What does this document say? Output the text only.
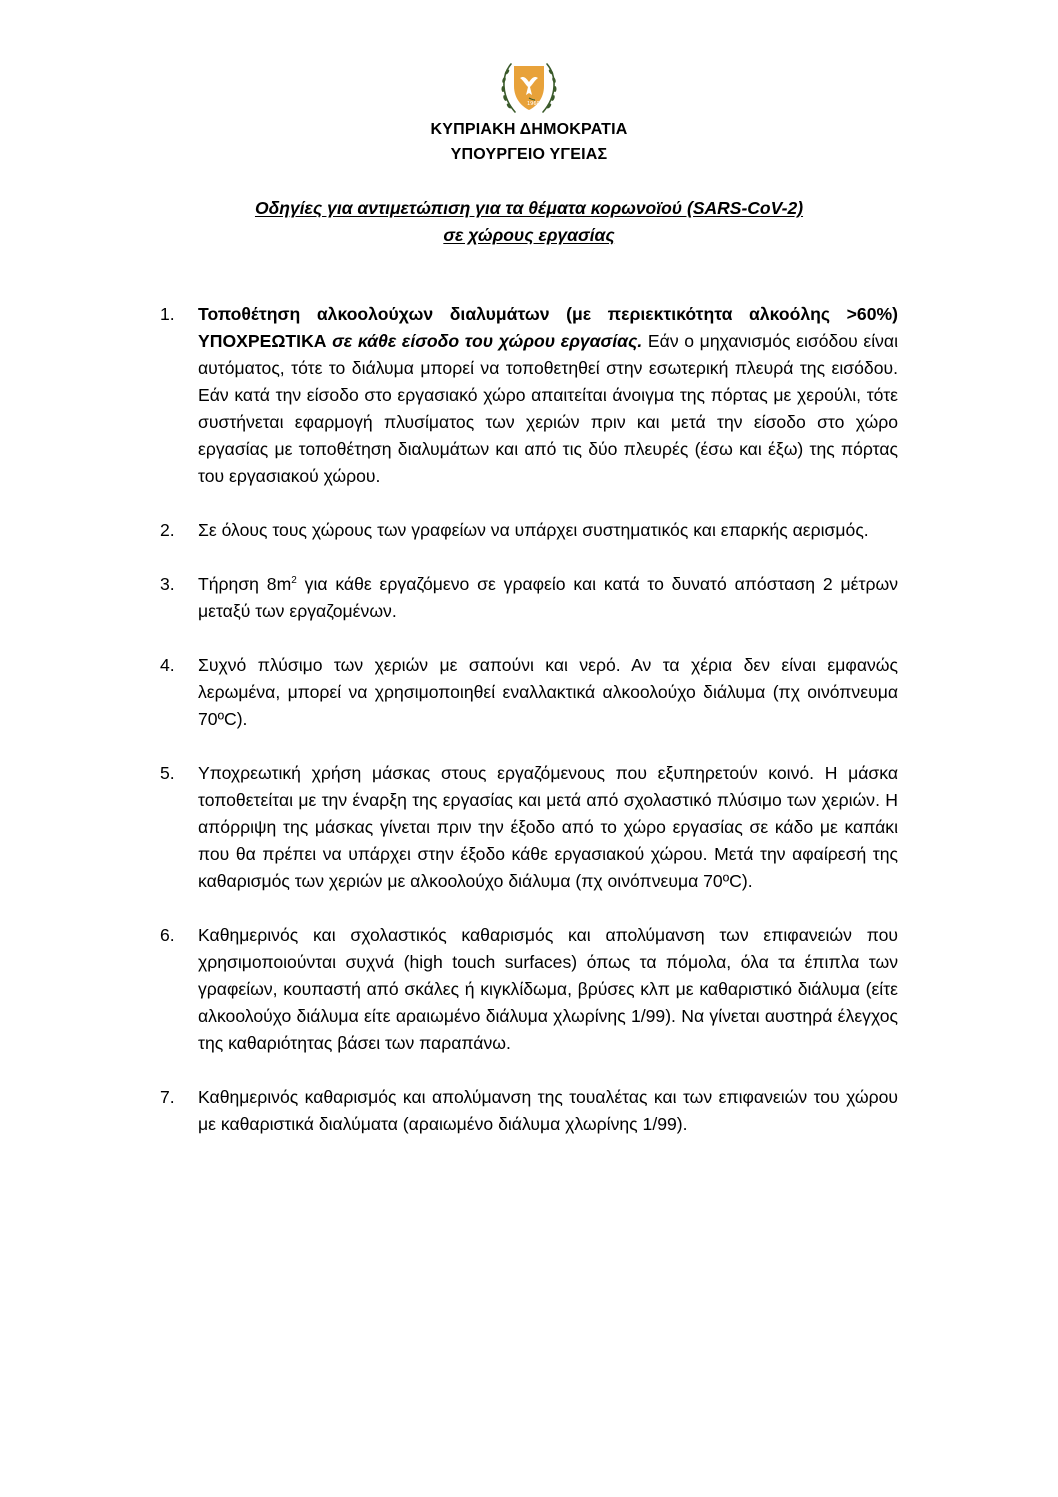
1960
ΚΥΠΡΙΑΚΗ ΔΗΜΟΚΡΑΤΙΑ
ΥΠΟΥΡΓΕΙΟ ΥΓΕΙΑΣ
Οδηγίες για αντιμετώπιση για τα θέματα κορωνοϊού (SARS-CoV-2)
σε χώρους εργασίας
1. Τοποθέτηση αλκοολούχων διαλυμάτων (με περιεκτικότητα αλκοόλης >60%) ΥΠΟΧΡΕΩΤΙΚΑ σε κάθε είσοδο του χώρου εργασίας. Εάν ο μηχανισμός εισόδου είναι αυτόματος, τότε το διάλυμα μπορεί να τοποθετηθεί στην εσωτερική πλευρά της εισόδου. Εάν κατά την είσοδο στο εργασιακό χώρο απαιτείται άνοιγμα της πόρτας με χερούλι, τότε συστήνεται εφαρμογή πλυσίματος των χεριών πριν και μετά την είσοδο στο χώρο εργασίας με τοποθέτηση διαλυμάτων και από τις δύο πλευρές (έσω και έξω) της πόρτας του εργασιακού χώρου.
2. Σε όλους τους χώρους των γραφείων να υπάρχει συστηματικός και επαρκής αερισμός.
3. Τήρηση $8m^2$ για κάθε εργαζόμενο σε γραφείο και κατά το δυνατό απόσταση 2 μέτρων μεταξύ των εργαζομένων.
4. Συχνό πλύσιμο των χεριών με σαπούνι και νερό. Αν τα χέρια δεν είναι εμφανώς λερωμένα, μπορεί να χρησιμοποιηθεί εναλλακτικά αλκοολούχο διάλυμα (πχ οινόπνευμα 70ºC).
5. Υποχρεωτική χρήση μάσκας στους εργαζόμενους που εξυπηρετούν κοινό. Η μάσκα τοποθετείται με την έναρξη της εργασίας και μετά από σχολαστικό πλύσιμο των χεριών. Η απόρριψη της μάσκας γίνεται πριν την έξοδο από το χώρο εργασίας σε κάδο με καπάκι που θα πρέπει να υπάρχει στην έξοδο κάθε εργασιακού χώρου. Μετά την αφαίρεσή της καθαρισμός των χεριών με αλκοολούχο διάλυμα (πχ οινόπνευμα 70ºC).
6. Καθημερινός και σχολαστικός καθαρισμός και απολύμανση των επιφανειών που χρησιμοποιούνται συχνά (high touch surfaces) όπως τα πόμολα, όλα τα έπιπλα των γραφείων, κουπαστή από σκάλες ή κιγκλίδωμα, βρύσες κλπ με καθαριστικό διάλυμα (είτε αλκοολούχο διάλυμα είτε αραιωμένο διάλυμα χλωρίνης 1/99). Να γίνεται αυστηρά έλεγχος της καθαριότητας βάσει των παραπάνω.
7. Καθημερινός καθαρισμός και απολύμανση της τουαλέτας και των επιφανειών του χώρου με καθαριστικά διαλύματα (αραιωμένο διάλυμα χλωρίνης 1/99).
